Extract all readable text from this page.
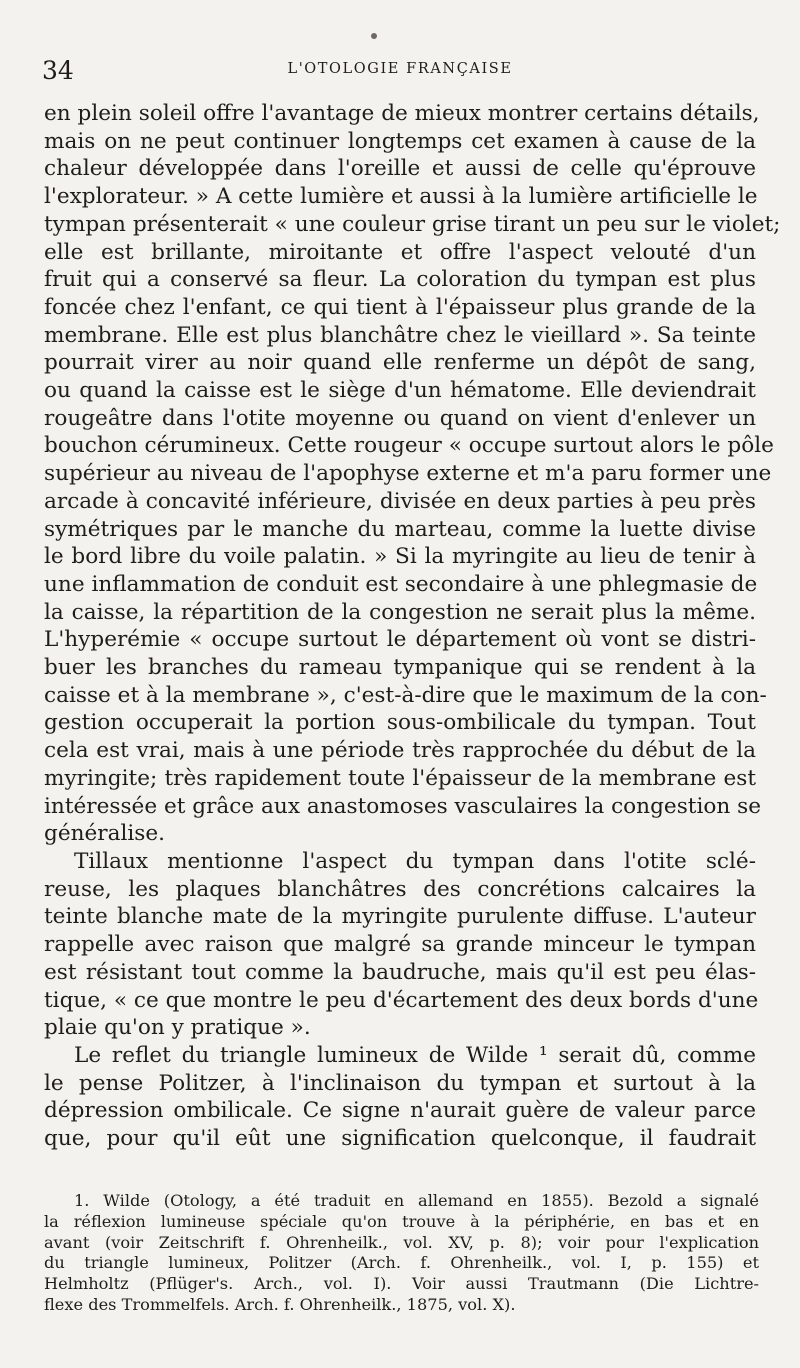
34	L'OTOLOGIE FRANÇAISE

en plein soleil offre l'avantage de mieux montrer certains détails,
mais on ne peut continuer longtemps cet examen à cause de la
chaleur développée dans l'oreille et aussi de celle qu'éprouve
l'explorateur. » A cette lumière et aussi à la lumière artificielle le
tympan présenterait « une couleur grise tirant un peu sur le violet;
elle est brillante, miroitante et offre l'aspect velouté d'un
fruit qui a conservé sa fleur. La coloration du tympan est plus
foncée chez l'enfant, ce qui tient à l'épaisseur plus grande de la
membrane. Elle est plus blanchâtre chez le vieillard ». Sa teinte
pourrait virer au noir quand elle renferme un dépôt de sang,
ou quand la caisse est le siège d'un hématome. Elle deviendrait
rougeâtre dans l'otite moyenne ou quand on vient d'enlever un
bouchon cérumineux. Cette rougeur « occupe surtout alors le pôle
supérieur au niveau de l'apophyse externe et m'a paru former une
arcade à concavité inférieure, divisée en deux parties à peu près
symétriques par le manche du marteau, comme la luette divise
le bord libre du voile palatin. » Si la myringite au lieu de tenir à
une inflammation de conduit est secondaire à une phlegmasie de
la caisse, la répartition de la congestion ne serait plus la même.
L'hyperémie « occupe surtout le département où vont se distri-
buer les branches du rameau tympanique qui se rendent à la
caisse et à la membrane », c'est-à-dire que le maximum de la con-
gestion occuperait la portion sous-ombilicale du tympan. Tout
cela est vrai, mais à une période très rapprochée du début de la
myringite; très rapidement toute l'épaisseur de la membrane est
intéressée et grâce aux anastomoses vasculaires la congestion se
généralise.
Tillaux mentionne l'aspect du tympan dans l'otite sclé-
reuse, les plaques blanchâtres des concrétions calcaires la
teinte blanche mate de la myringite purulente diffuse. L'auteur
rappelle avec raison que malgré sa grande minceur le tympan
est résistant tout comme la baudruche, mais qu'il est peu élas-
tique, « ce que montre le peu d'écartement des deux bords d'une
plaie qu'on y pratique ».
Le reflet du triangle lumineux de Wilde ¹ serait dû, comme
le pense Politzer, à l'inclinaison du tympan et surtout à la
dépression ombilicale. Ce signe n'aurait guère de valeur parce
que, pour qu'il eût une signification quelconque, il faudrait
1. Wilde (Otology, a été traduit en allemand en 1855). Bezold a signalé
la réflexion lumineuse spéciale qu'on trouve à la périphérie, en bas et en
avant (voir Zeitschrift f. Ohrenheilk., vol. XV, p. 8); voir pour l'explication
du triangle lumineux, Politzer (Arch. f. Ohrenheilk., vol. I, p. 155) et
Helmholtz (Pflüger's. Arch., vol. I). Voir aussi Trautmann (Die Lichtre-
flexe des Trommelfels. Arch. f. Ohrenheilk., 1875, vol. X).
